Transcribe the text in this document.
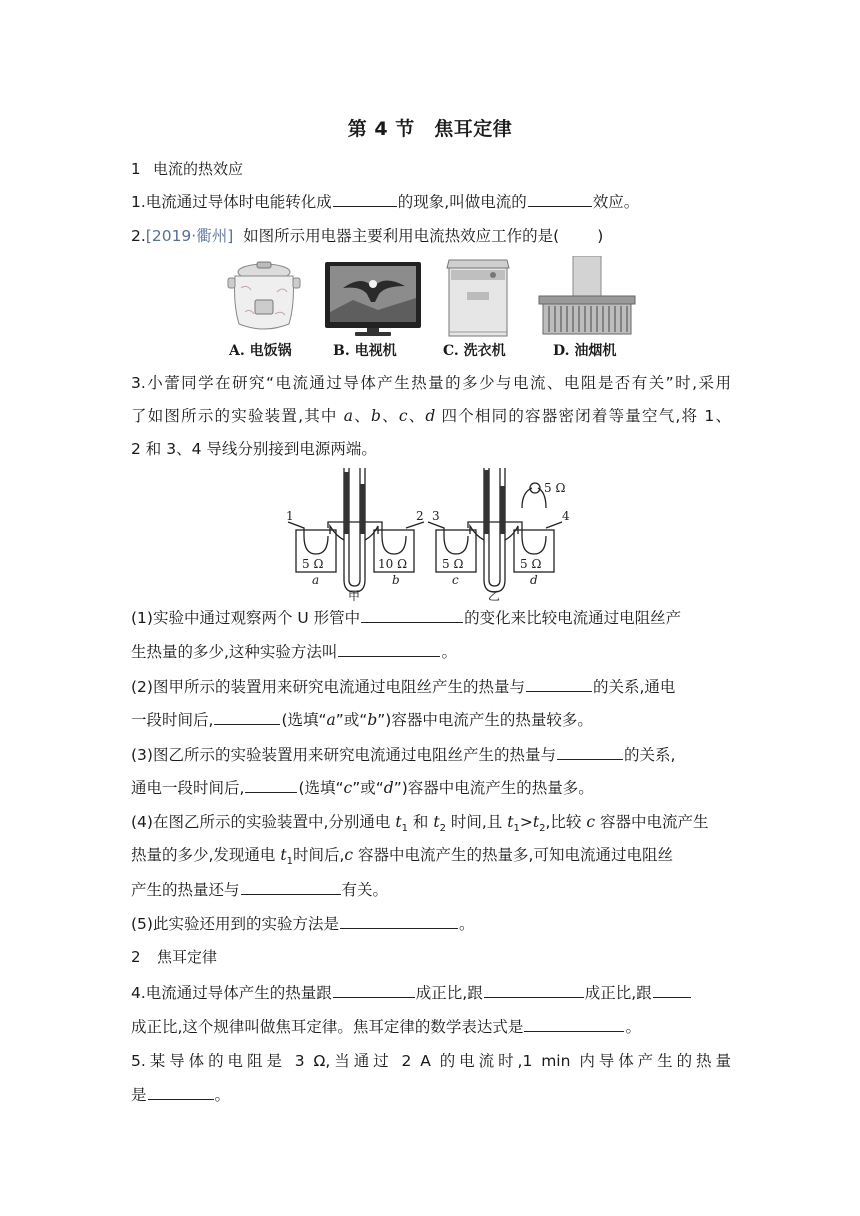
第 4 节　焦耳定律
1 电流的热效应
1.电流通过导体时电能转化成	的现象,叫做电流的	效应。
2.[2019·衢州] 如图所示用电器主要利用电流热效应工作的是( )
A. 电饭锅	B. 电视机	C. 洗衣机	D. 油烟机
3.小蕾同学在研究“电流通过导体产生热量的多少与电流、电阻是否有关”时,采用
了如图所示的实验装置,其中 a、b、c、d 四个相同的容器密闭着等量空气,将 1、
2 和 3、4 导线分别接到电源两端。
1	2 3	4
5 Ω	10 Ω	5 Ω	5 Ω
5 Ω
a	b	c	d
甲	乙
(1)实验中通过观察两个 U 形管中	的变化来比较电流通过电阻丝产
生热量的多少,这种实验方法叫	。
(2)图甲所示的装置用来研究电流通过电阻丝产生的热量与	的关系,通电
一段时间后,	(选填“a”或“b”)容器中电流产生的热量较多。
(3)图乙所示的实验装置用来研究电流通过电阻丝产生的热量与	的关系,
通电一段时间后,	(选填“c”或“d”)容器中电流产生的热量多。
(4)在图乙所示的实验装置中,分别通电 $t_1$ 和 $t_2$ 时间,且 $t_1>t_2$,比较 c 容器中电流产生
热量的多少,发现通电 $t_1$时间后,c 容器中电流产生的热量多,可知电流通过电阻丝
产生的热量还与	有关。
(5)此实验还用到的实验方法是	。
2 焦耳定律
4.电流通过导体产生的热量跟	成正比,跟	成正比,跟
成正比,这个规律叫做焦耳定律。焦耳定律的数学表达式是	。
5.某导体的电阻是 3 Ω,当通过 2 A 的电流时,1 min 内导体产生的热量
是	。
